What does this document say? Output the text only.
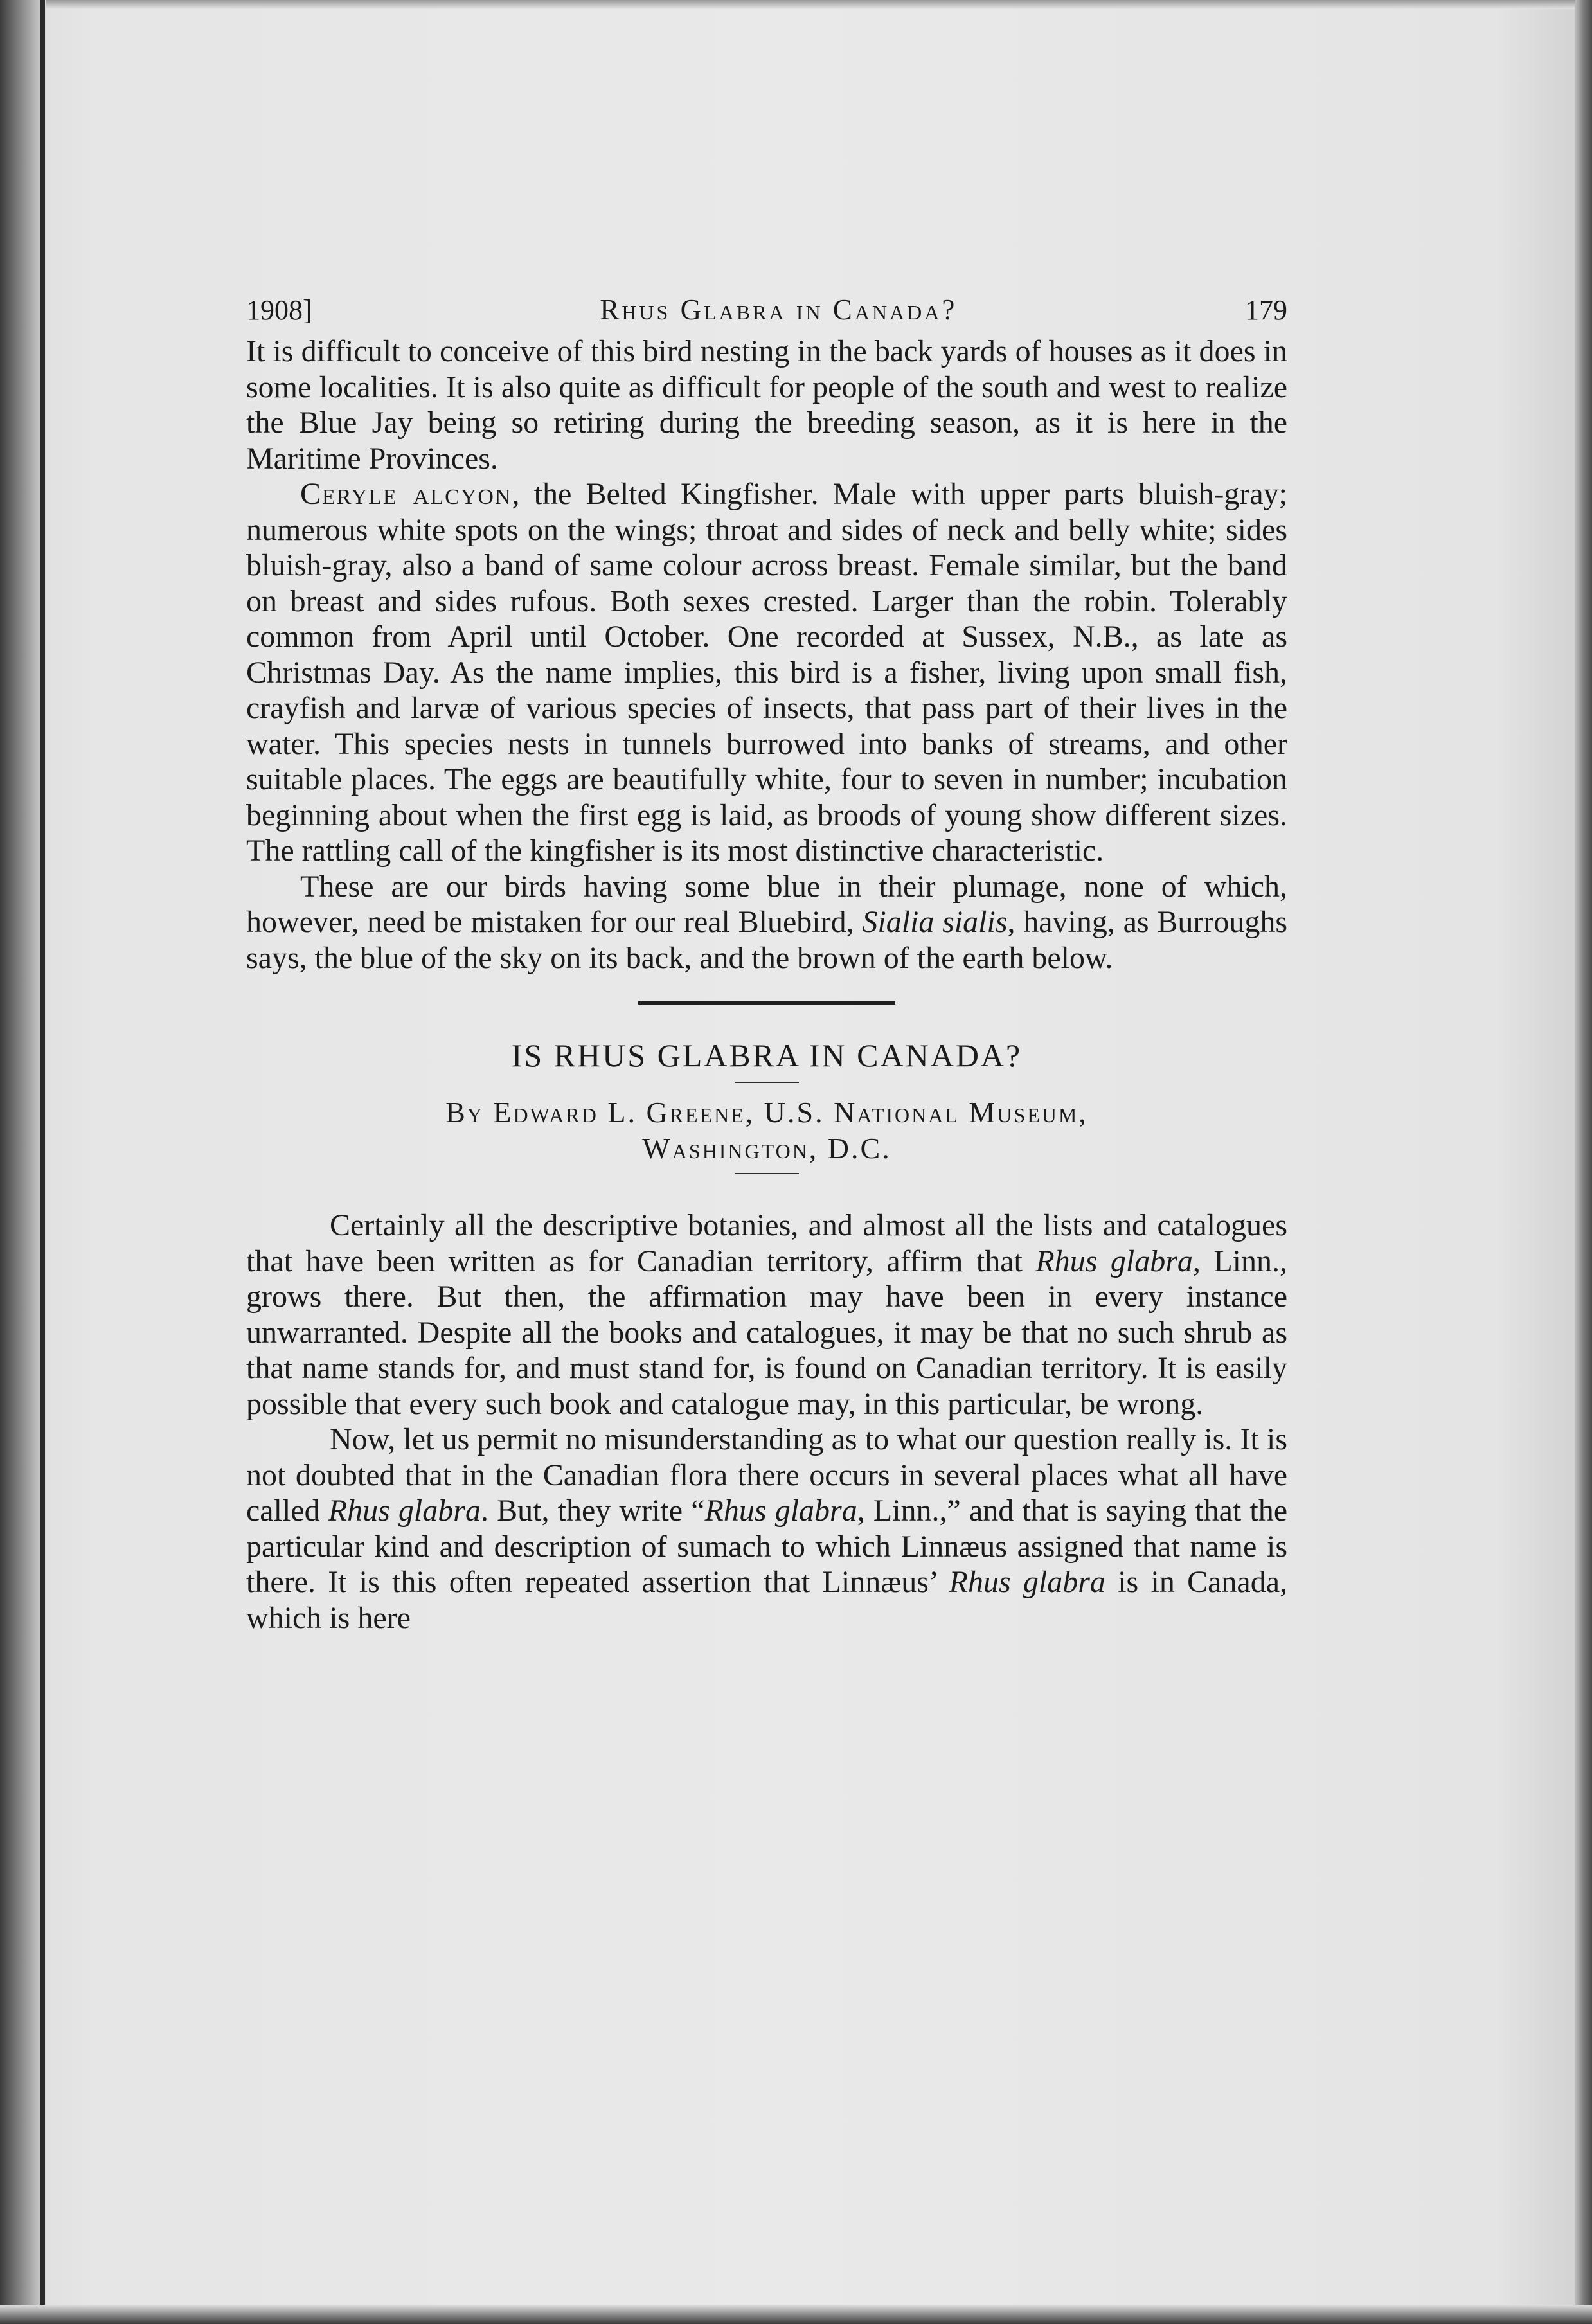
1908]	Rhus Glabra in Canada?	179

It is difficult to conceive of this bird nesting in the back yards of houses as it does in some localities. It is also quite as difficult for people of the south and west to realize the Blue Jay being so retiring during the breeding season, as it is here in the Maritime Provinces.

Ceryle alcyon, the Belted Kingfisher. Male with upper parts bluish-gray; numerous white spots on the wings; throat and sides of neck and belly white; sides bluish-gray, also a band of same colour across breast. Female similar, but the band on breast and sides rufous. Both sexes crested. Larger than the robin. Tolerably common from April until October. One recorded at Sussex, N.B., as late as Christmas Day. As the name implies, this bird is a fisher, living upon small fish, crayfish and larvæ of various species of insects, that pass part of their lives in the water. This species nests in tunnels burrowed into banks of streams, and other suitable places. The eggs are beautifully white, four to seven in number; incubation beginning about when the first egg is laid, as broods of young show different sizes. The rattling call of the kingfisher is its most distinctive characteristic.

These are our birds having some blue in their plumage, none of which, however, need be mistaken for our real Bluebird, Sialia sialis, having, as Burroughs says, the blue of the sky on its back, and the brown of the earth below.

IS RHUS GLABRA IN CANADA?
By Edward L. Greene, U.S. National Museum,
Washington, D.C.

Certainly all the descriptive botanies, and almost all the lists and catalogues that have been written as for Canadian territory, affirm that Rhus glabra, Linn., grows there. But then, the affirmation may have been in every instance unwarranted. Despite all the books and catalogues, it may be that no such shrub as that name stands for, and must stand for, is found on Canadian territory. It is easily possible that every such book and catalogue may, in this particular, be wrong.

Now, let us permit no misunderstanding as to what our question really is. It is not doubted that in the Canadian flora there occurs in several places what all have called Rhus glabra. But, they write “Rhus glabra, Linn.,” and that is saying that the particular kind and description of sumach to which Linnæus assigned that name is there. It is this often repeated assertion that Linnæus’ Rhus glabra is in Canada, which is here
